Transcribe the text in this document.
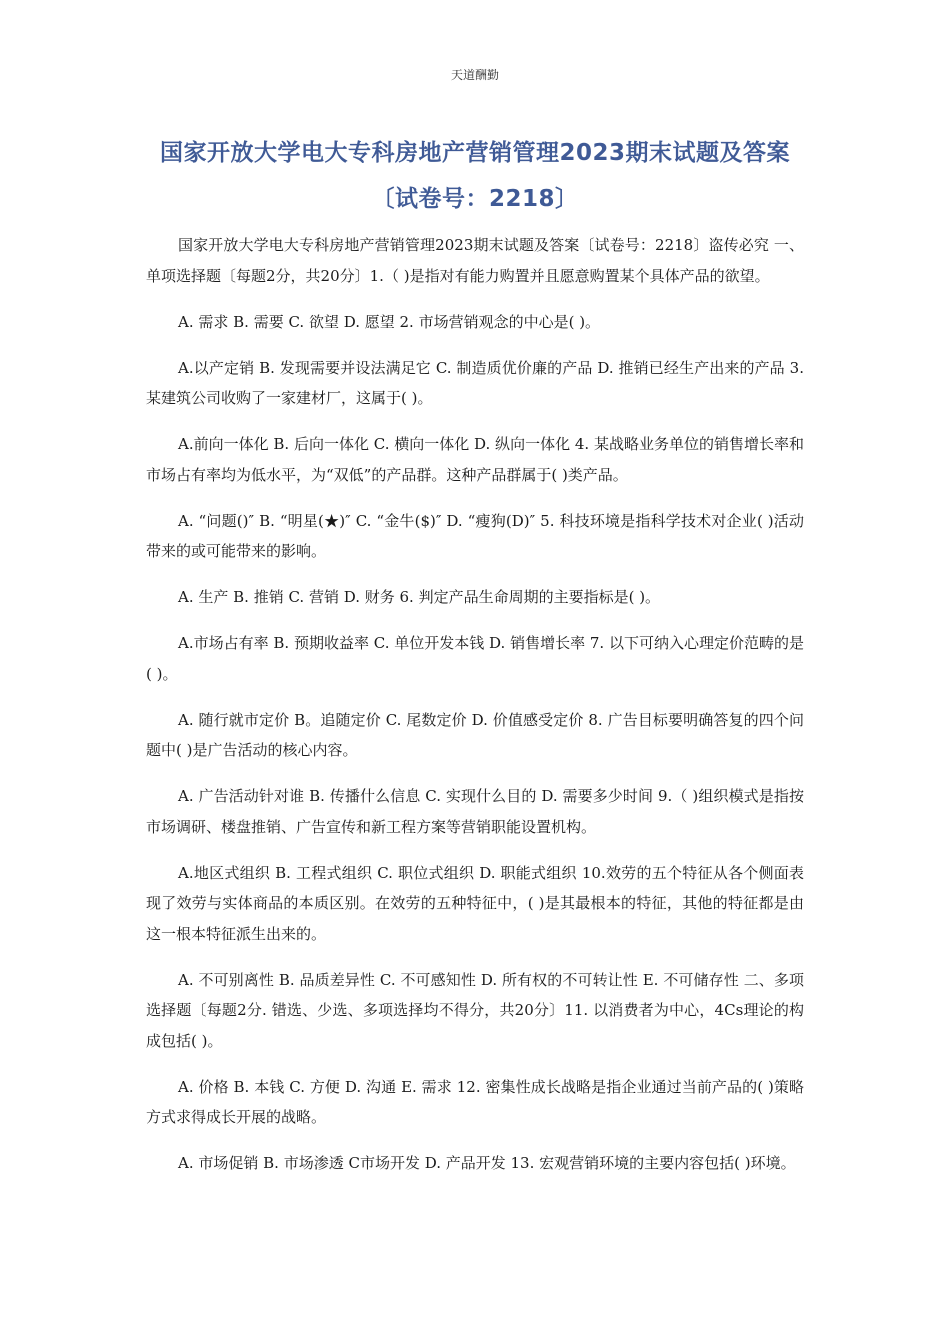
天道酬勤
国家开放大学电大专科房地产营销管理2023期末试题及答案
〔试卷号：2218〕

国家开放大学电大专科房地产营销管理2023期末试题及答案〔试卷号：2218〕盗传必究 一、单项选择题〔每题2分，共20分〕1.（ )是指对有能力购置并且愿意购置某个具体产品的欲望。

A. 需求 B. 需要 C. 欲望 D. 愿望 2. 市场营销观念的中心是( )。

A.以产定销 B. 发现需要并设法满足它 C. 制造质优价廉的产品 D. 推销已经生产出来的产品 3. 某建筑公司收购了一家建材厂，这属于( )。

A.前向一体化 B. 后向一体化 C. 横向一体化 D. 纵向一体化 4. 某战略业务单位的销售增长率和市场占有率均为低水平，为“双低”的产品群。这种产品群属于( )类产品。

A. “问题()″ B. “明星(★)″ C. “金牛($)″ D. “瘦狗(D)″ 5. 科技环境是指科学技术对企业( )活动带来的或可能带来的影响。

A. 生产 B. 推销 C. 营销 D. 财务 6. 判定产品生命周期的主要指标是( )。

A.市场占有率 B. 预期收益率 C. 单位开发本钱 D. 销售增长率 7. 以下可纳入心理定价范畴的是( )。

A. 随行就市定价 B。追随定价 C. 尾数定价 D. 价值感受定价 8. 广告目标要明确答复的四个问题中( )是广告活动的核心内容。

A. 广告活动针对谁 B. 传播什么信息 C. 实现什么目的 D. 需要多少时间 9.（ )组织模式是指按市场调研、楼盘推销、广告宣传和新工程方案等营销职能设置机构。

A.地区式组织 B. 工程式组织 C. 职位式组织 D. 职能式组织 10.效劳的五个特征从各个侧面表现了效劳与实体商品的本质区别。在效劳的五种特征中，( )是其最根本的特征，其他的特征都是由这一根本特征派生出来的。

A. 不可别离性 B. 品质差异性 C. 不可感知性 D. 所有权的不可转让性 E. 不可储存性 二、多项选择题〔每题2分. 错选、少选、多项选择均不得分，共20分〕11. 以消费者为中心，4Cs理论的构成包括( )。

A. 价格 B. 本钱 C. 方便 D. 沟通 E. 需求 12. 密集性成长战略是指企业通过当前产品的( )策略方式求得成长开展的战略。

A. 市场促销 B. 市场渗透 C市场开发 D. 产品开发 13. 宏观营销环境的主要内容包括( )环境。
